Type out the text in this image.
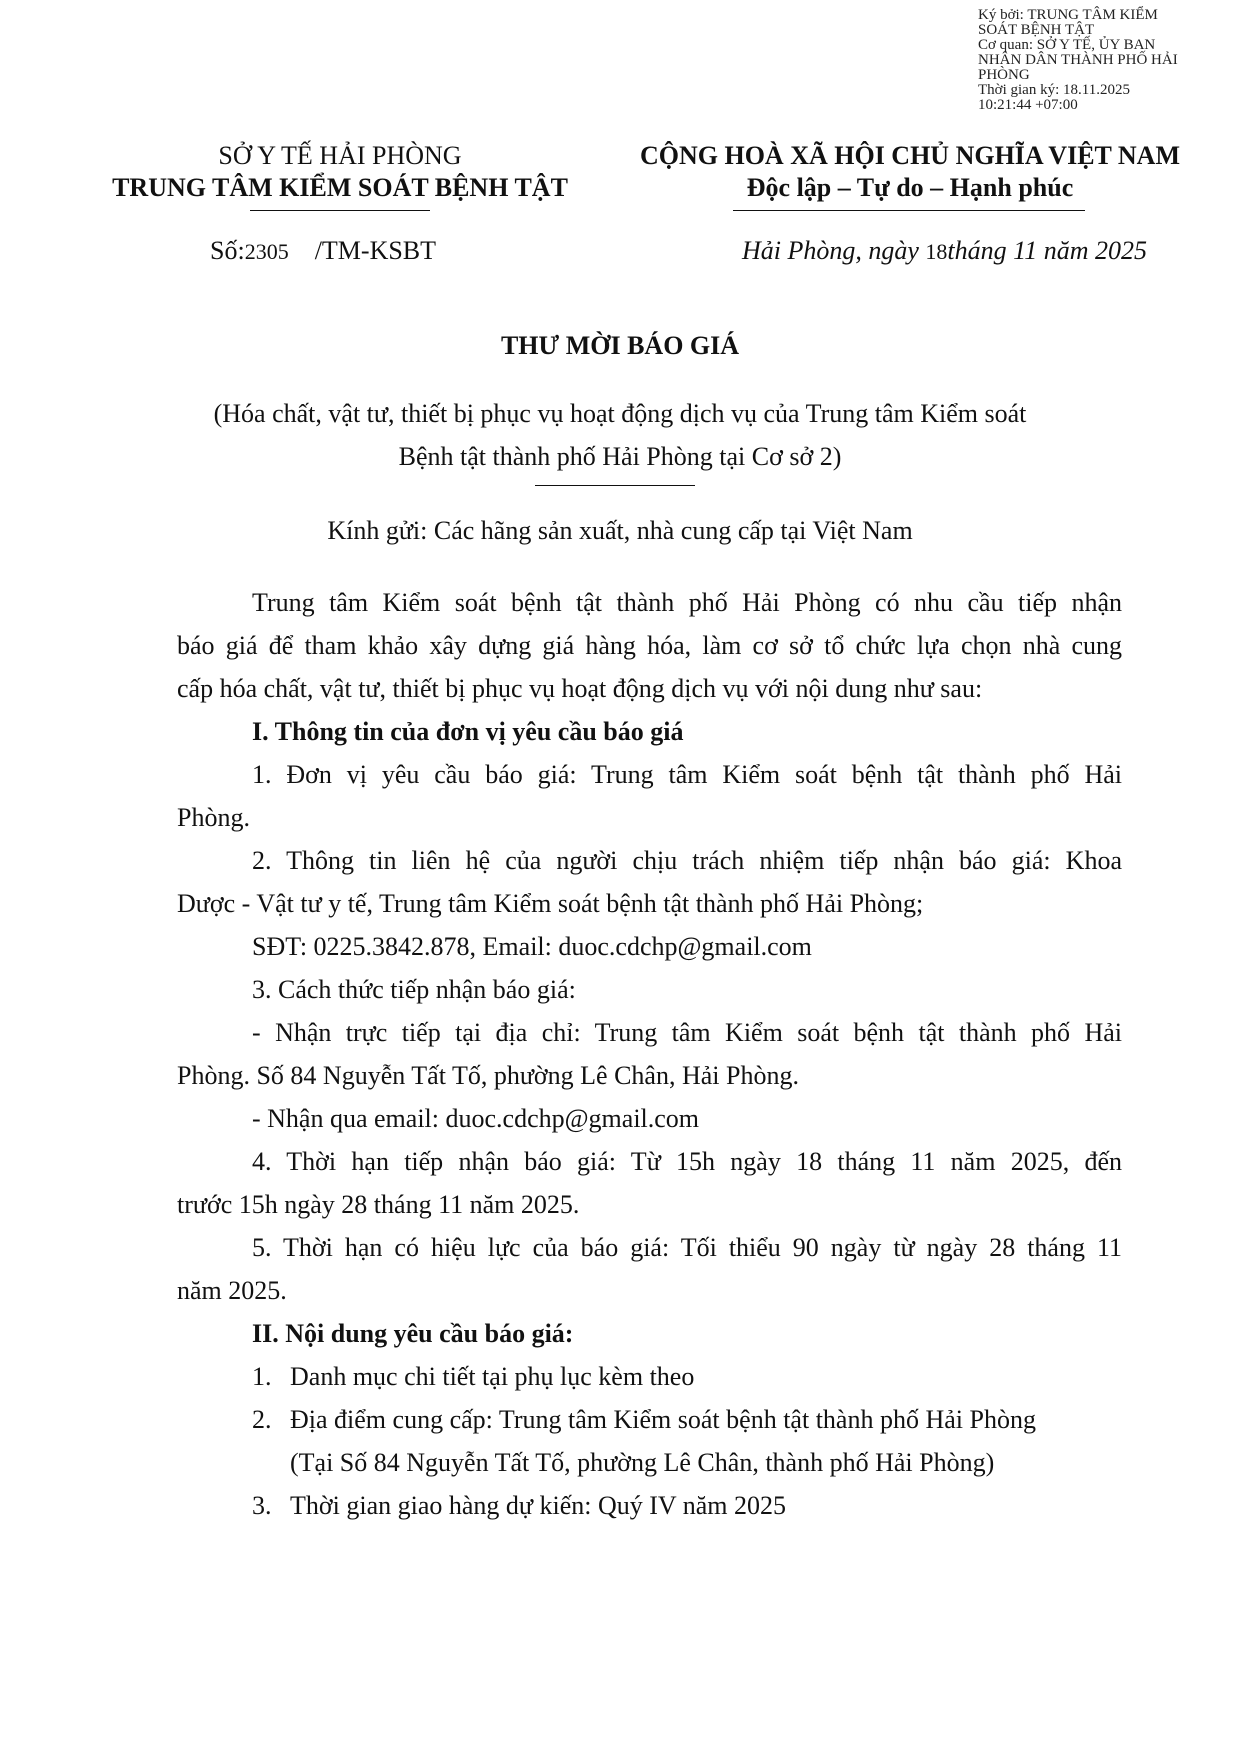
Ký bởi: TRUNG TÂM KIỂM
SOÁT BỆNH TẬT
Cơ quan: SỞ Y TẾ, ỦY BAN
NHÂN DÂN THÀNH PHỐ HẢI
PHÒNG
Thời gian ký: 18.11.2025
10:21:44 +07:00
SỞ Y TẾ HẢI PHÒNG
TRUNG TÂM KIỂM SOÁT BỆNH TẬT
CỘNG HOÀ XÃ HỘI CHỦ NGHĨA VIỆT NAM
Độc lập – Tự do – Hạnh phúc
Số:2305 /TM-KSBT	Hải Phòng, ngày 18tháng 11 năm 2025
THƯ MỜI BÁO GIÁ
(Hóa chất, vật tư, thiết bị phục vụ hoạt động dịch vụ của Trung tâm Kiểm soát
Bệnh tật thành phố Hải Phòng tại Cơ sở 2)
Kính gửi: Các hãng sản xuất, nhà cung cấp tại Việt Nam
Trung tâm Kiểm soát bệnh tật thành phố Hải Phòng có nhu cầu tiếp nhận
báo giá để tham khảo xây dựng giá hàng hóa, làm cơ sở tổ chức lựa chọn nhà cung
cấp hóa chất, vật tư, thiết bị phục vụ hoạt động dịch vụ với nội dung như sau:
I. Thông tin của đơn vị yêu cầu báo giá
1. Đơn vị yêu cầu báo giá: Trung tâm Kiểm soát bệnh tật thành phố Hải
Phòng.
2. Thông tin liên hệ của người chịu trách nhiệm tiếp nhận báo giá: Khoa
Dược - Vật tư y tế, Trung tâm Kiểm soát bệnh tật thành phố Hải Phòng;
SĐT: 0225.3842.878, Email: duoc.cdchp@gmail.com
3. Cách thức tiếp nhận báo giá:
- Nhận trực tiếp tại địa chỉ: Trung tâm Kiểm soát bệnh tật thành phố Hải
Phòng. Số 84 Nguyễn Tất Tố, phường Lê Chân, Hải Phòng.
- Nhận qua email: duoc.cdchp@gmail.com
4. Thời hạn tiếp nhận báo giá: Từ 15h ngày 18 tháng 11 năm 2025, đến
trước 15h ngày 28 tháng 11 năm 2025.
5. Thời hạn có hiệu lực của báo giá: Tối thiểu 90 ngày từ ngày 28 tháng 11
năm 2025.
II. Nội dung yêu cầu báo giá:
1. Danh mục chi tiết tại phụ lục kèm theo
2. Địa điểm cung cấp: Trung tâm Kiểm soát bệnh tật thành phố Hải Phòng
(Tại Số 84 Nguyễn Tất Tố, phường Lê Chân, thành phố Hải Phòng)
3. Thời gian giao hàng dự kiến: Quý IV năm 2025
